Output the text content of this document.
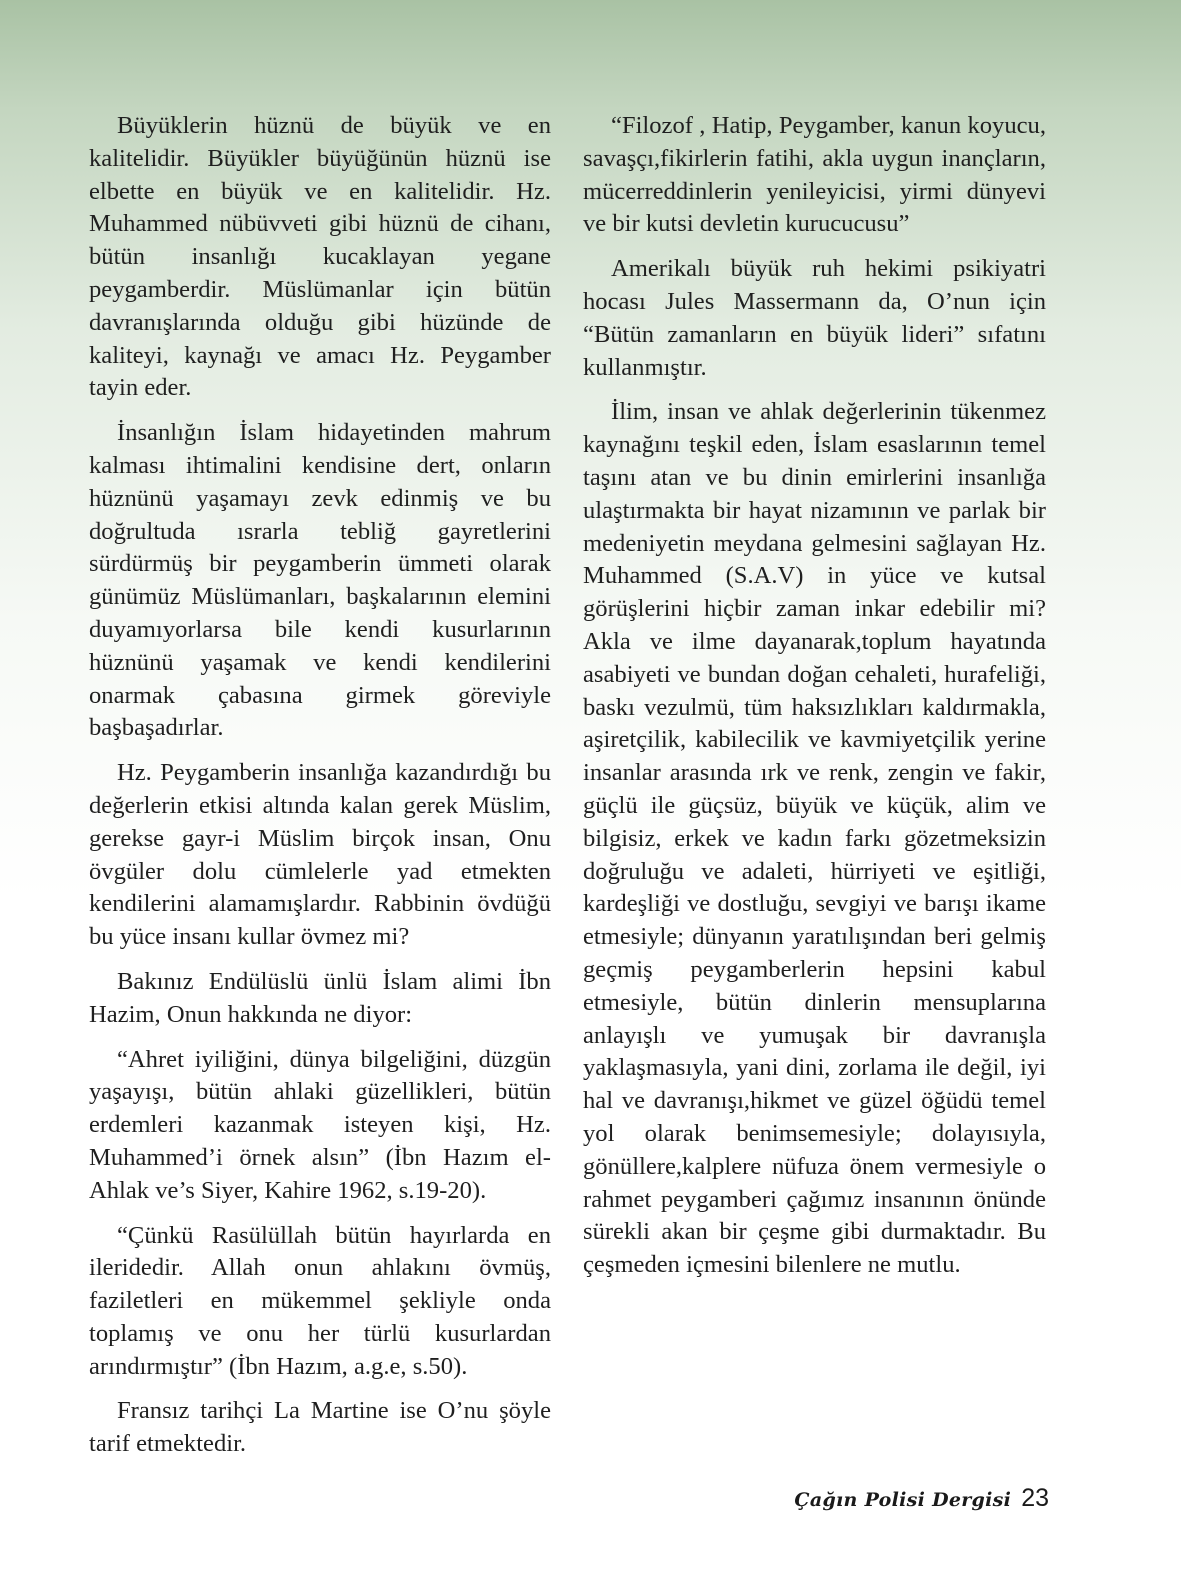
Büyüklerin hüznü de büyük ve en kalitelidir. Büyükler büyüğünün hüznü ise elbette en büyük ve en kalitelidir. Hz. Muhammed nübüvveti gibi hüznü de cihanı, bütün insanlığı kucaklayan yegane peygamberdir. Müslümanlar için bütün davranışlarında olduğu gibi hüzünde de kaliteyi, kaynağı ve amacı Hz. Peygamber tayin eder.

İnsanlığın İslam hidayetinden mahrum kalması ihtimalini kendisine dert, onların hüznünü yaşamayı zevk edinmiş ve bu doğrultuda ısrarla tebliğ gayretlerini sürdürmüş bir peygamberin ümmeti olarak günümüz Müslümanları, başkalarının elemini duyamıyorlarsa bile kendi kusurlarının hüznünü yaşamak ve kendi kendilerini onarmak çabasına girmek göreviyle başbaşadırlar.

Hz. Peygamberin insanlığa kazandırdığı bu değerlerin etkisi altında kalan gerek Müslim, gerekse gayr-i Müslim birçok insan, Onu övgüler dolu cümlelerle yad etmekten kendilerini alamamışlardır. Rabbinin övdüğü bu yüce insanı kullar övmez mi?

Bakınız Endülüslü ünlü İslam alimi İbn Hazim, Onun hakkında ne diyor:

“Ahret iyiliğini, dünya bilgeliğini, düzgün yaşayışı, bütün ahlaki güzellikleri, bütün erdemleri kazanmak isteyen kişi, Hz. Muhammed’i örnek alsın” (İbn Hazım el-Ahlak ve’s Siyer, Kahire 1962, s.19-20).

“Çünkü Rasülüllah bütün hayırlarda en ileridedir. Allah onun ahlakını övmüş, faziletleri en mükemmel şekliyle onda toplamış ve onu her türlü kusurlardan arındırmıştır” (İbn Hazım, a.g.e, s.50).

Fransız tarihçi La Martine ise O’nu şöyle tarif etmektedir.

“Filozof , Hatip, Peygamber, kanun koyucu, savaşçı,fikirlerin fatihi, akla uygun inançların, mücerreddinlerin yenileyicisi, yirmi dünyevi ve bir kutsi devletin kurucucusu”

Amerikalı büyük ruh hekimi psikiyatri hocası Jules Massermann da, O’nun için “Bütün zamanların en büyük lideri” sıfatını kullanmıştır.

İlim, insan ve ahlak değerlerinin tükenmez kaynağını teşkil eden, İslam esaslarının temel taşını atan ve bu dinin emirlerini insanlığa ulaştırmakta bir hayat nizamının ve parlak bir medeniyetin meydana gelmesini sağlayan Hz. Muhammed (S.A.V) in yüce ve kutsal görüşlerini hiçbir zaman inkar edebilir mi? Akla ve ilme dayanarak,toplum hayatında asabiyeti ve bundan doğan cehaleti, hurafeliği, baskı vezulmü, tüm haksızlıkları kaldırmakla, aşiretçilik, kabilecilik ve kavmiyetçilik yerine insanlar arasında ırk ve renk, zengin ve fakir, güçlü ile güçsüz, büyük ve küçük, alim ve bilgisiz, erkek ve kadın farkı gözetmeksizin doğruluğu ve adaleti, hürriyeti ve eşitliği, kardeşliği ve dostluğu, sevgiyi ve barışı ikame etmesiyle; dünyanın yaratılışından beri gelmiş geçmiş peygamberlerin hepsini kabul etmesiyle, bütün dinlerin mensuplarına anlayışlı ve yumuşak bir davranışla yaklaşmasıyla, yani dini, zorlama ile değil, iyi hal ve davranışı,hikmet ve güzel öğüdü temel yol olarak benimsemesiyle; dolayısıyla, gönüllere,kalplere nüfuza önem vermesiyle o rahmet peygamberi çağımız insanının önünde sürekli akan bir çeşme gibi durmaktadır. Bu çeşmeden içmesini bilenlere ne mutlu.

Çağın Polisi Dergisi 23
